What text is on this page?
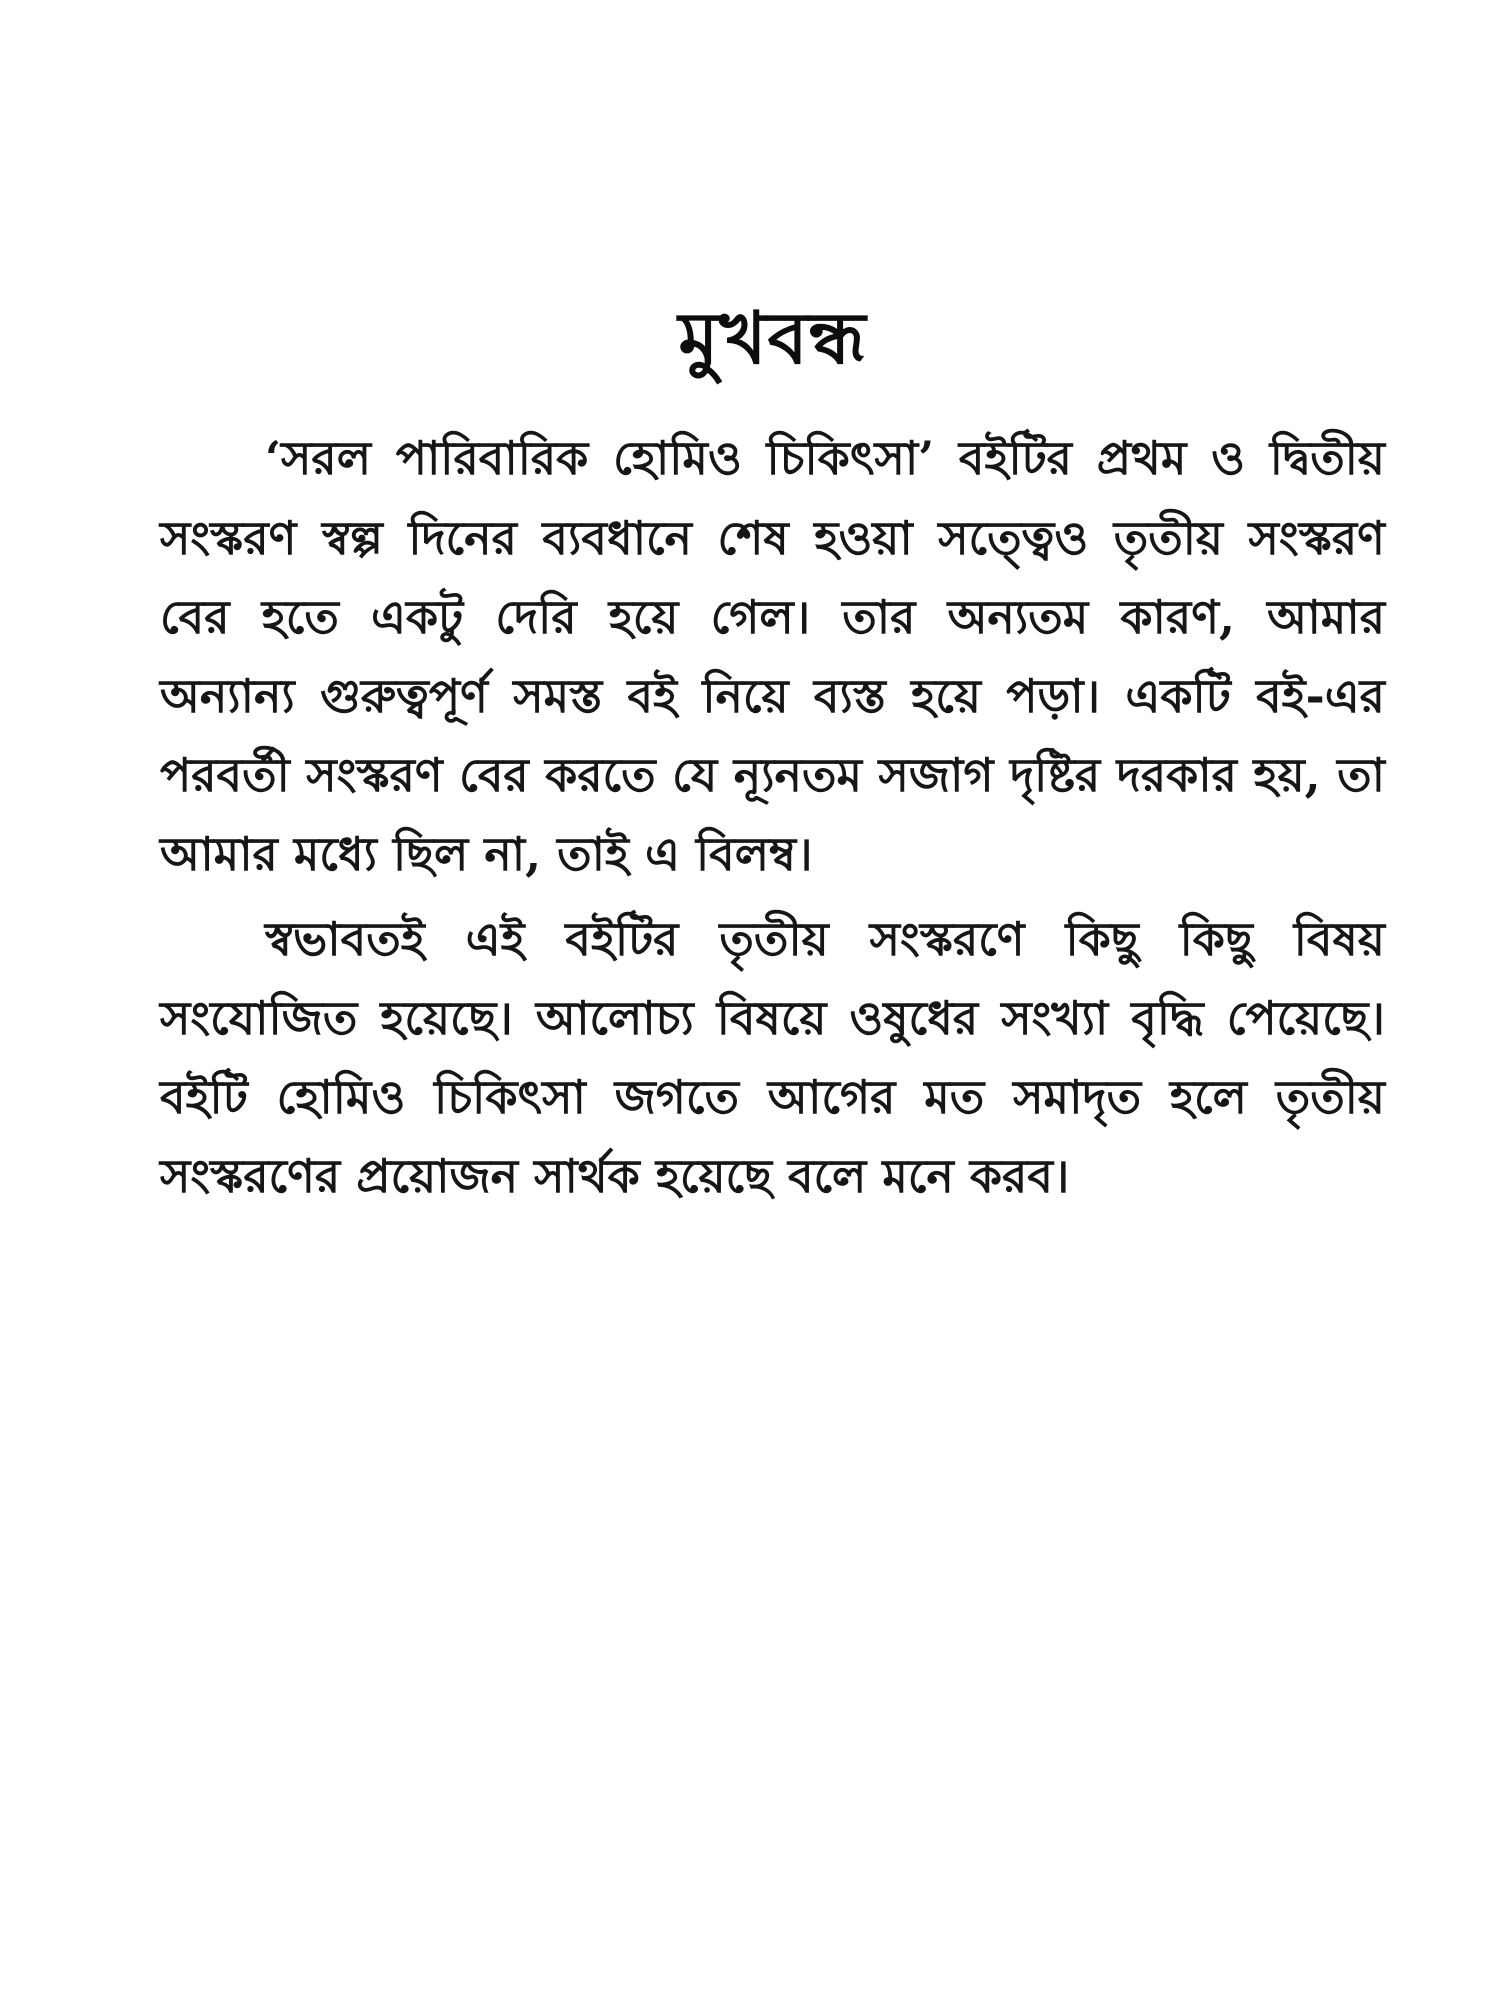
মুখবন্ধ

‘সরল পারিবারিক হোমিও চিকিৎসা’ বইটির প্রথম ও দ্বিতীয় সংস্করণ স্বল্প দিনের ব্যবধানে শেষ হওয়া সত্ত্বেও তৃতীয় সংস্করণ বের হতে একটু দেরি হয়ে গেল। তার অন্যতম কারণ, আমার অন্যান্য গুরুত্বপূর্ণ সমস্ত বই নিয়ে ব্যস্ত হয়ে পড়া। একটি বই-এর পরবর্তী সংস্করণ বের করতে যে ন্যূনতম সজাগ দৃষ্টির দরকার হয়, তা আমার মধ্যে ছিল না, তাই এ বিলম্ব।

স্বভাবতই এই বইটির তৃতীয় সংস্করণে কিছু কিছু বিষয় সংযোজিত হয়েছে। আলোচ্য বিষয়ে ওষুধের সংখ্যা বৃদ্ধি পেয়েছে। বইটি হোমিও চিকিৎসা জগতে আগের মত সমাদৃত হলে তৃতীয় সংস্করণের প্রয়োজন সার্থক হয়েছে বলে মনে করব।
